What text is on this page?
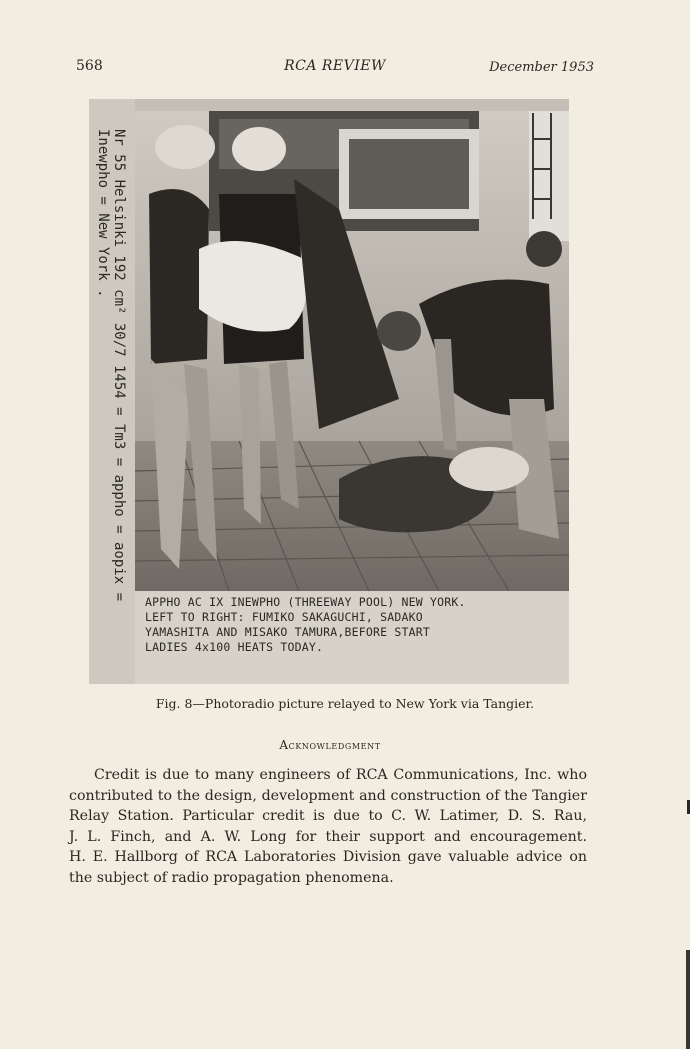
568	RCA REVIEW	December 1953
Nr 55 Helsinki 192 cm² 30/7 1454 = Tm3 = appho = aopix =
Inewpho = New York .
APPHO AC IX INEWPHO (THREEWAY POOL) NEW YORK.
LEFT TO RIGHT: FUMIKO SAKAGUCHI, SADAKO
YAMASHITA AND MISAKO TAMURA,BEFORE START
LADIES 4x100 HEATS TODAY.
Fig. 8—Photoradio picture relayed to New York via Tangier.
Acknowledgment
Credit is due to many engineers of RCA Communications, Inc. who
contributed to the design, development and construction of the Tangier
Relay Station. Particular credit is due to C. W. Latimer, D. S. Rau,
J. L. Finch, and A. W. Long for their support and encouragement.
H. E. Hallborg of RCA Laboratories Division gave valuable advice on
the subject of radio propagation phenomena.
